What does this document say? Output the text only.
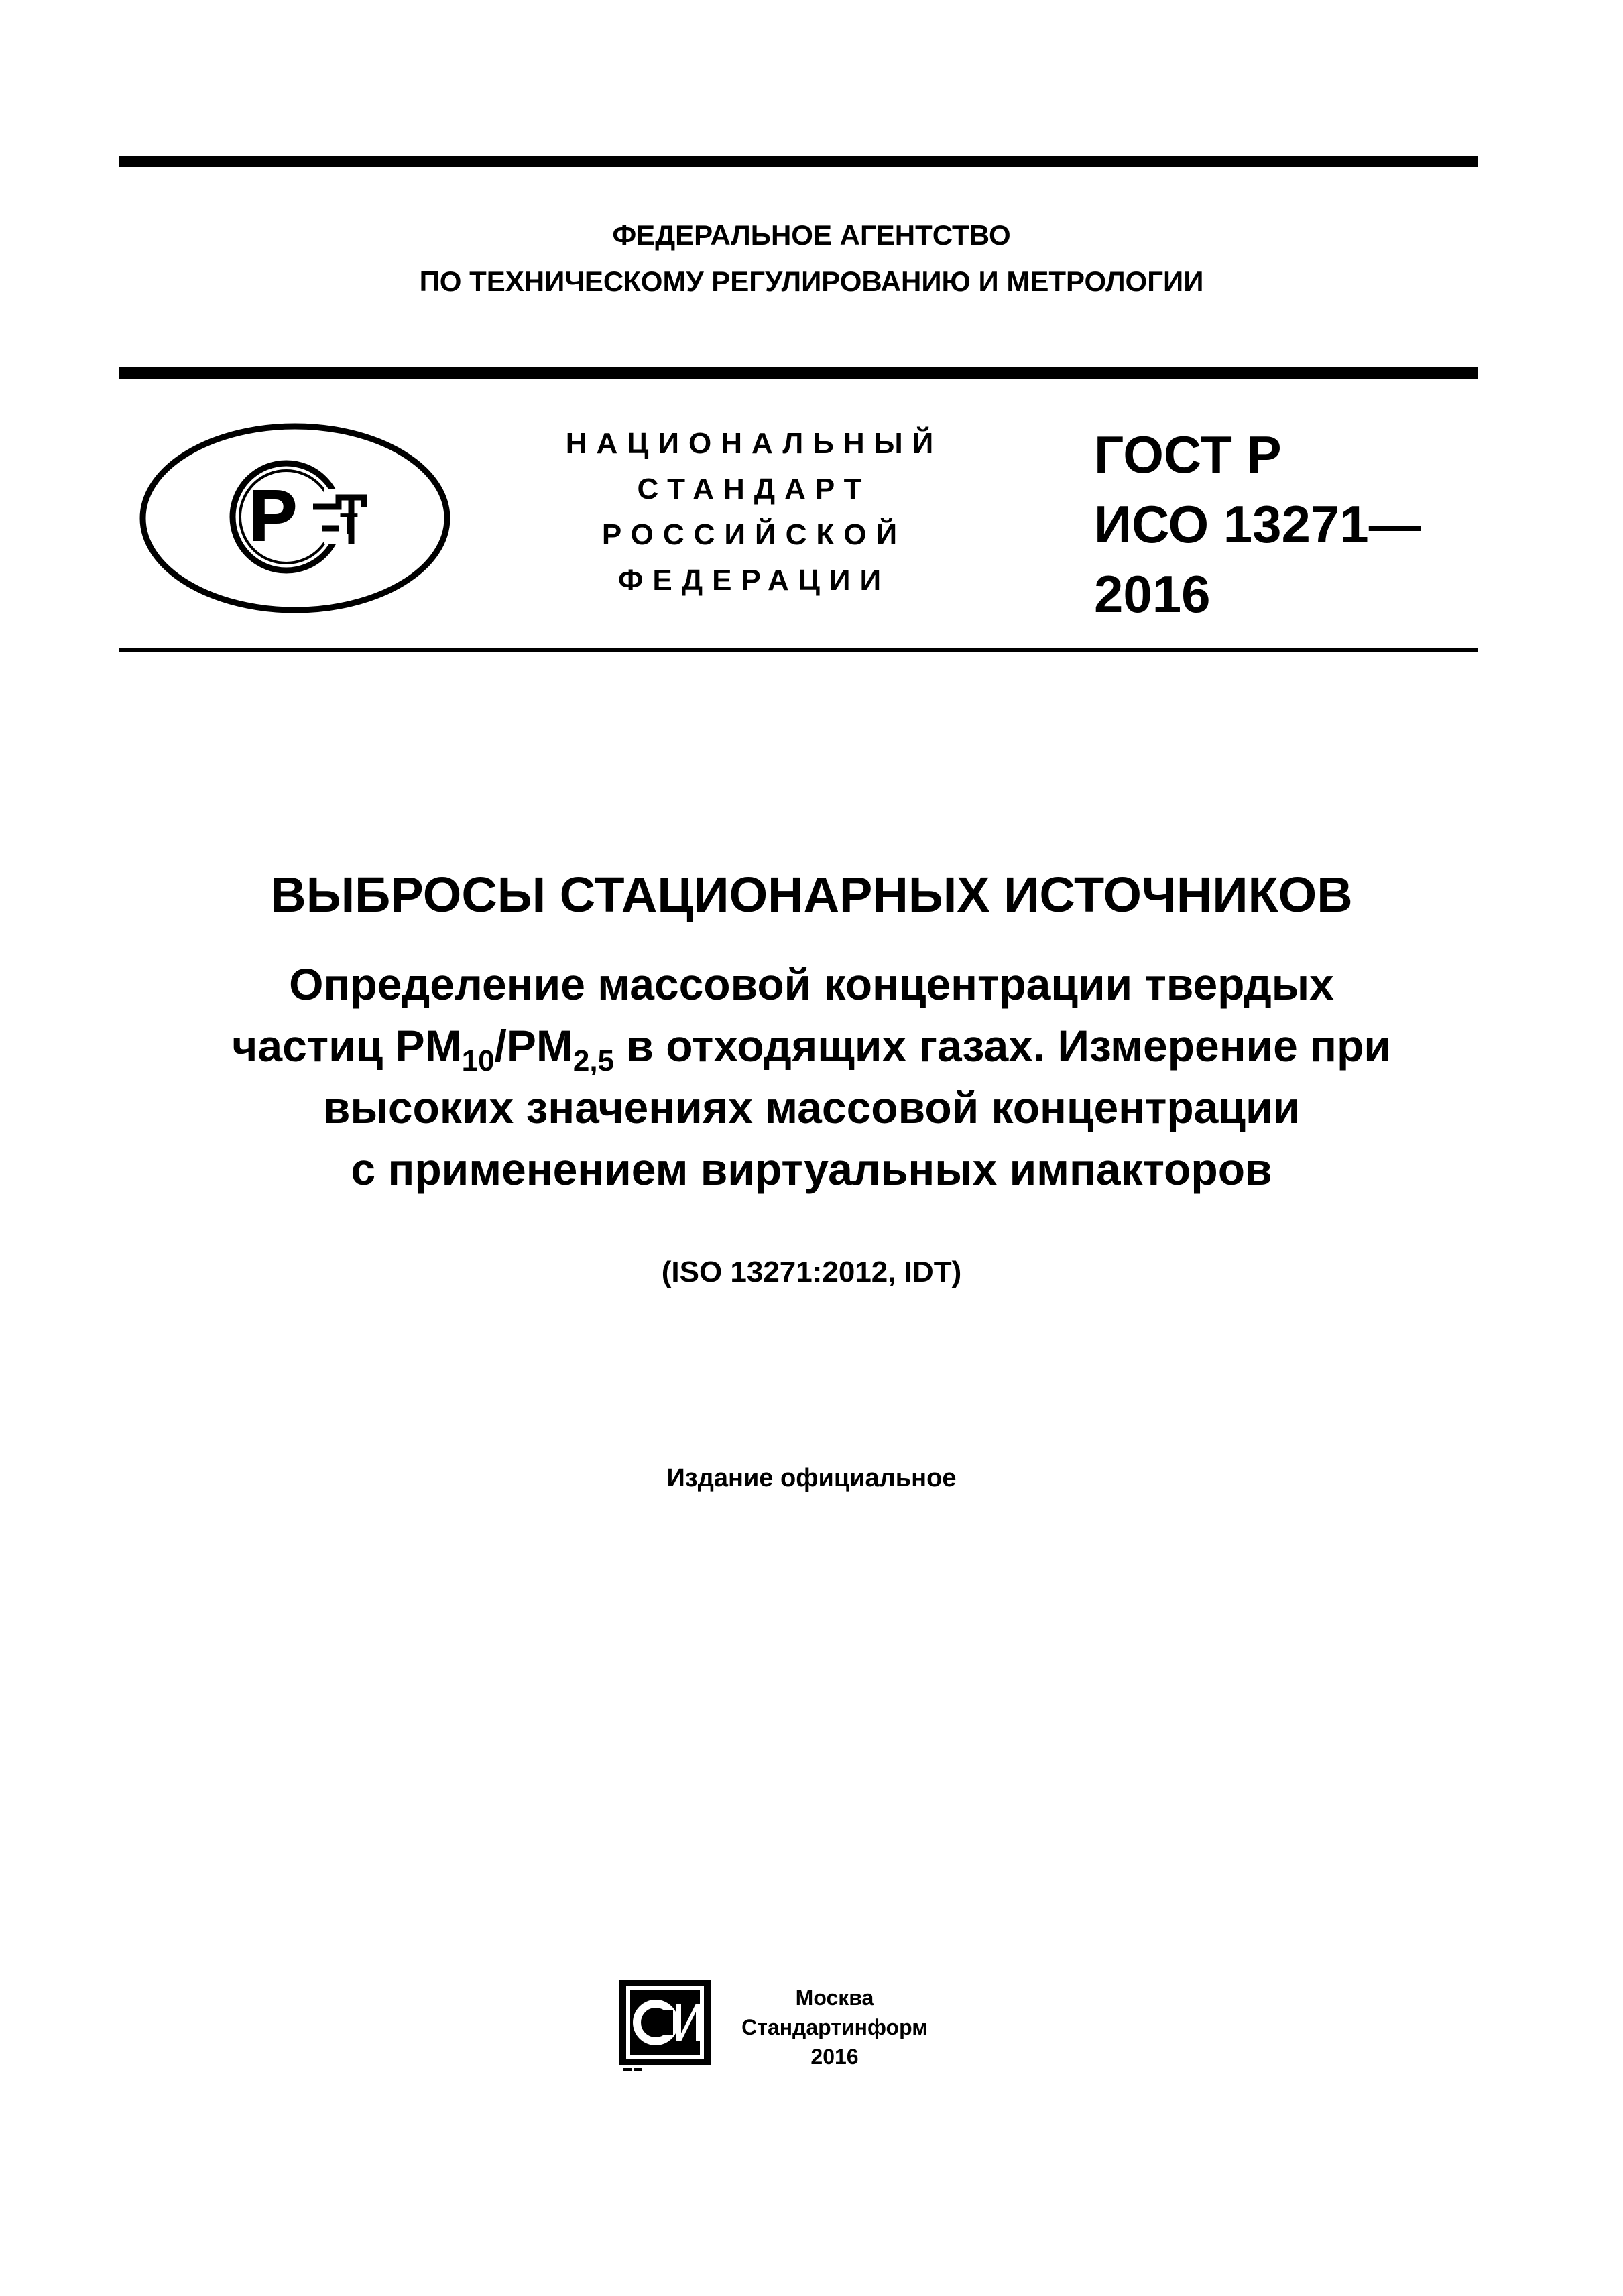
ФЕДЕРАЛЬНОЕ АГЕНТСТВО
ПО ТЕХНИЧЕСКОМУ РЕГУЛИРОВАНИЮ И МЕТРОЛОГИИ
Р Т
НАЦИОНАЛЬНЫЙ
СТАНДАРТ
РОССИЙСКОЙ
ФЕДЕРАЦИИ
ГОСТ Р
ИСО 13271—
2016
ВЫБРОСЫ СТАЦИОНАРНЫХ ИСТОЧНИКОВ
Определение массовой концентрации твердых
частиц $PM_{10}/PM_{2,5}$ в отходящих газах. Измерение при
высоких значениях массовой концентрации
с применением виртуальных импакторов
(ISO 13271:2012, IDT)
Издание официальное
Москва
Стандартинформ
2016
